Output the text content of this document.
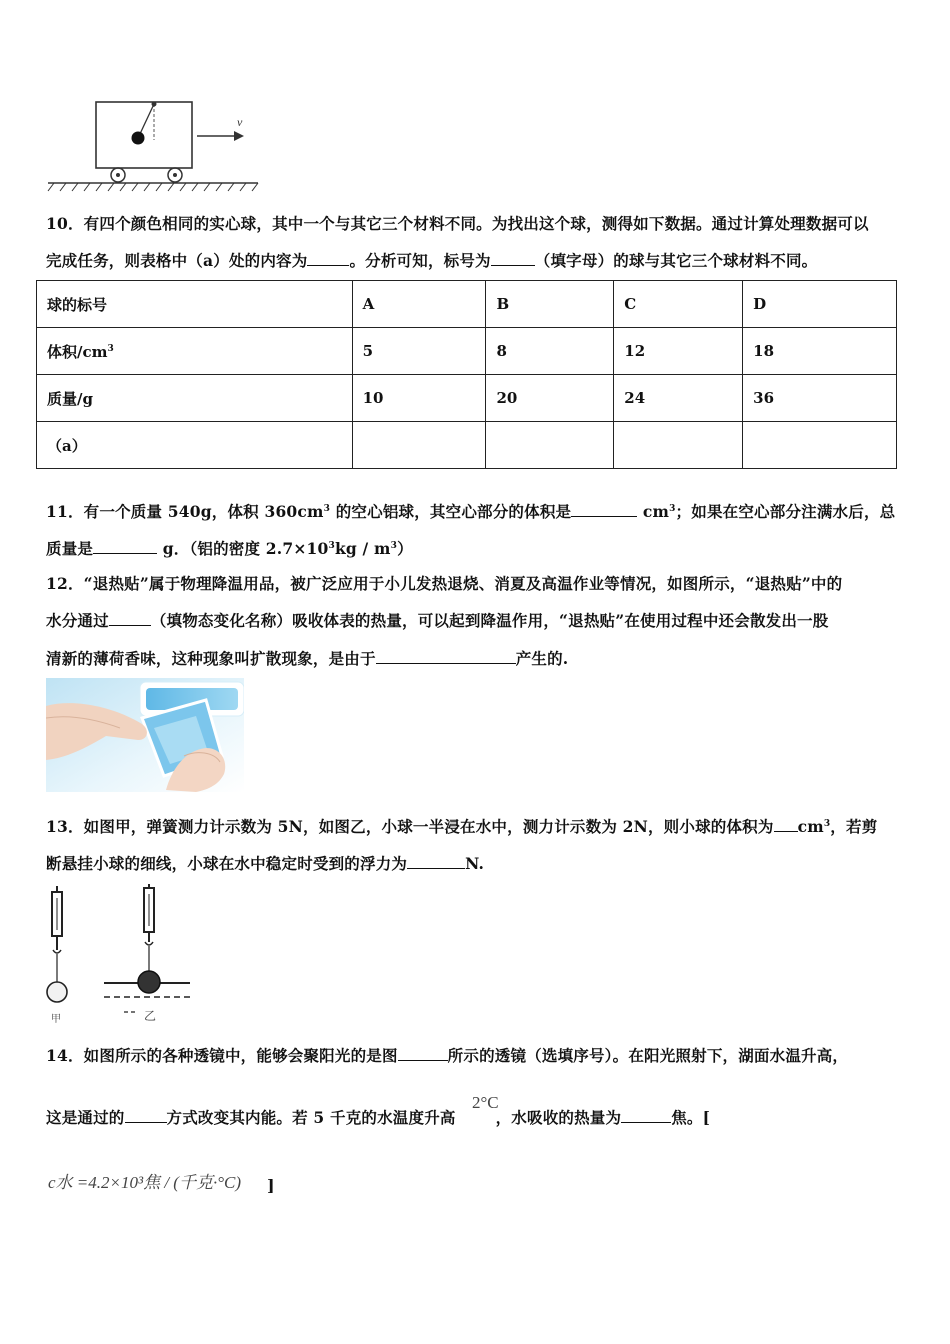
v
10．有四个颜色相同的实心球，其中一个与其它三个材料不同。为找出这个球，测得如下数据。通过计算处理数据可以
完成任务，则表格中（a）处的内容为	。分析可知，标号为	（填字母）的球与其它三个球材料不同。
球的标号	A	B	C	D
体积$/cm^3$	5	8	12	18
质量/g	10	20	24	36
（a）				
11．有一个质量 540g，体积 $360cm^3$ 的空心铝球，其空心部分的体积是	$cm^3$；如果在空心部分注满水后，总
质量是	g．（铝的密度 $2.7\times 10^3kg / m^3$）
12．“退热贴”属于物理降温用品，被广泛应用于小儿发热退烧、消夏及高温作业等情况，如图所示，“退热贴”中的
水分通过	（填物态变化名称）吸收体表的热量，可以起到降温作用，“退热贴”在使用过程中还会散发出一股
清新的薄荷香味，这种现象叫扩散现象，是由于	产生的.
13．如图甲，弹簧测力计示数为 5N，如图乙，小球一半浸在水中，测力计示数为 2N，则小球的体积为 $cm^3$，若剪
断悬挂小球的细线，小球在水中稳定时受到的浮力为	N.
甲	乙
14．如图所示的各种透镜中，能够会聚阳光的是图	所示的透镜（选填序号）。在阳光照射下，湖面水温升高，
2°C
这是通过的	方式改变其内能。若 5 千克的水温度升高	，水吸收的热量为	焦。[
c水 =4.2×10³焦 / (千克·°C) ]
